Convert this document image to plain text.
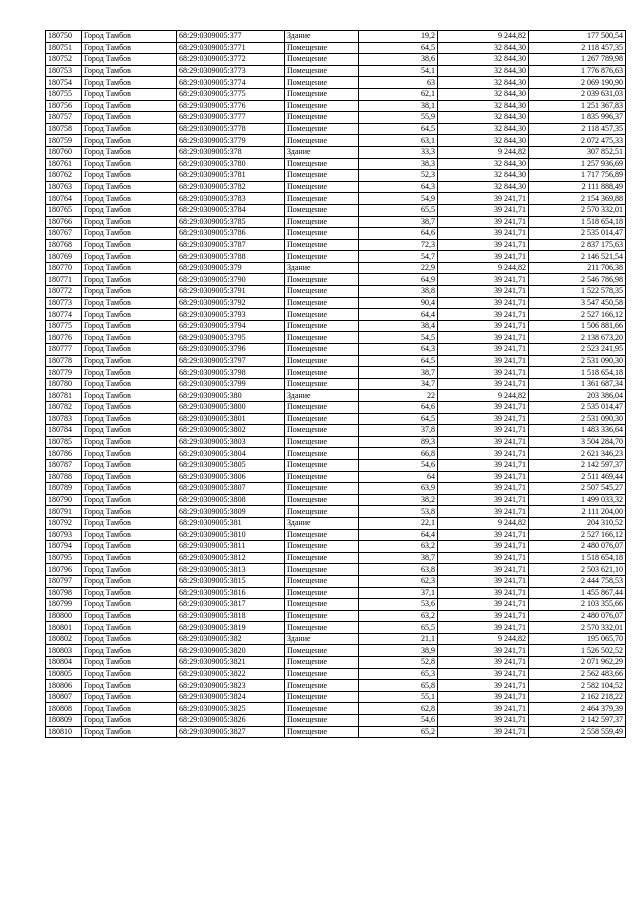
180750	Город Тамбов	68:29:0309005:377	Здание	19,2	9 244,82	177 500,54
180751	Город Тамбов	68:29:0309005:3771	Помещение	64,5	32 844,30	2 118 457,35
180752	Город Тамбов	68:29:0309005:3772	Помещение	38,6	32 844,30	1 267 789,98
180753	Город Тамбов	68:29:0309005:3773	Помещение	54,1	32 844,30	1 776 876,63
180754	Город Тамбов	68:29:0309005:3774	Помещение	63	32 844,30	2 069 190,90
180755	Город Тамбов	68:29:0309005:3775	Помещение	62,1	32 844,30	2 039 631,03
180756	Город Тамбов	68:29:0309005:3776	Помещение	38,1	32 844,30	1 251 367,83
180757	Город Тамбов	68:29:0309005:3777	Помещение	55,9	32 844,30	1 835 996,37
180758	Город Тамбов	68:29:0309005:3778	Помещение	64,5	32 844,30	2 118 457,35
180759	Город Тамбов	68:29:0309005:3779	Помещение	63,1	32 844,30	2 072 475,33
180760	Город Тамбов	68:29:0309005:378	Здание	33,3	9 244,82	307 852,51
180761	Город Тамбов	68:29:0309005:3780	Помещение	38,3	32 844,30	1 257 936,69
180762	Город Тамбов	68:29:0309005:3781	Помещение	52,3	32 844,30	1 717 756,89
180763	Город Тамбов	68:29:0309005:3782	Помещение	64,3	32 844,30	2 111 888,49
180764	Город Тамбов	68:29:0309005:3783	Помещение	54,9	39 241,71	2 154 369,88
180765	Город Тамбов	68:29:0309005:3784	Помещение	65,5	39 241,71	2 570 332,01
180766	Город Тамбов	68:29:0309005:3785	Помещение	38,7	39 241,71	1 518 654,18
180767	Город Тамбов	68:29:0309005:3786	Помещение	64,6	39 241,71	2 535 014,47
180768	Город Тамбов	68:29:0309005:3787	Помещение	72,3	39 241,71	2 837 175,63
180769	Город Тамбов	68:29:0309005:3788	Помещение	54,7	39 241,71	2 146 521,54
180770	Город Тамбов	68:29:0309005:379	Здание	22,9	9 244,82	211 706,38
180771	Город Тамбов	68:29:0309005:3790	Помещение	64,9	39 241,71	2 546 786,98
180772	Город Тамбов	68:29:0309005:3791	Помещение	38,8	39 241,71	1 522 578,35
180773	Город Тамбов	68:29:0309005:3792	Помещение	90,4	39 241,71	3 547 450,58
180774	Город Тамбов	68:29:0309005:3793	Помещение	64,4	39 241,71	2 527 166,12
180775	Город Тамбов	68:29:0309005:3794	Помещение	38,4	39 241,71	1 506 881,66
180776	Город Тамбов	68:29:0309005:3795	Помещение	54,5	39 241,71	2 138 673,20
180777	Город Тамбов	68:29:0309005:3796	Помещение	64,3	39 241,71	2 523 241,95
180778	Город Тамбов	68:29:0309005:3797	Помещение	64,5	39 241,71	2 531 090,30
180779	Город Тамбов	68:29:0309005:3798	Помещение	38,7	39 241,71	1 518 654,18
180780	Город Тамбов	68:29:0309005:3799	Помещение	34,7	39 241,71	1 361 687,34
180781	Город Тамбов	68:29:0309005:380	Здание	22	9 244,82	203 386,04
180782	Город Тамбов	68:29:0309005:3800	Помещение	64,6	39 241,71	2 535 014,47
180783	Город Тамбов	68:29:0309005:3801	Помещение	64,5	39 241,71	2 531 090,30
180784	Город Тамбов	68:29:0309005:3802	Помещение	37,8	39 241,71	1 483 336,64
180785	Город Тамбов	68:29:0309005:3803	Помещение	89,3	39 241,71	3 504 284,70
180786	Город Тамбов	68:29:0309005:3804	Помещение	66,8	39 241,71	2 621 346,23
180787	Город Тамбов	68:29:0309005:3805	Помещение	54,6	39 241,71	2 142 597,37
180788	Город Тамбов	68:29:0309005:3806	Помещение	64	39 241,71	2 511 469,44
180789	Город Тамбов	68:29:0309005:3807	Помещение	63,9	39 241,71	2 507 545,27
180790	Город Тамбов	68:29:0309005:3808	Помещение	38,2	39 241,71	1 499 033,32
180791	Город Тамбов	68:29:0309005:3809	Помещение	53,8	39 241,71	2 111 204,00
180792	Город Тамбов	68:29:0309005:381	Здание	22,1	9 244,82	204 310,52
180793	Город Тамбов	68:29:0309005:3810	Помещение	64,4	39 241,71	2 527 166,12
180794	Город Тамбов	68:29:0309005:3811	Помещение	63,2	39 241,71	2 480 076,07
180795	Город Тамбов	68:29:0309005:3812	Помещение	38,7	39 241,71	1 518 654,18
180796	Город Тамбов	68:29:0309005:3813	Помещение	63,8	39 241,71	2 503 621,10
180797	Город Тамбов	68:29:0309005:3815	Помещение	62,3	39 241,71	2 444 758,53
180798	Город Тамбов	68:29:0309005:3816	Помещение	37,1	39 241,71	1 455 867,44
180799	Город Тамбов	68:29:0309005:3817	Помещение	53,6	39 241,71	2 103 355,66
180800	Город Тамбов	68:29:0309005:3818	Помещение	63,2	39 241,71	2 480 076,07
180801	Город Тамбов	68:29:0309005:3819	Помещение	65,5	39 241,71	2 570 332,01
180802	Город Тамбов	68:29:0309005:382	Здание	21,1	9 244,82	195 065,70
180803	Город Тамбов	68:29:0309005:3820	Помещение	38,9	39 241,71	1 526 502,52
180804	Город Тамбов	68:29:0309005:3821	Помещение	52,8	39 241,71	2 071 962,29
180805	Город Тамбов	68:29:0309005:3822	Помещение	65,3	39 241,71	2 562 483,66
180806	Город Тамбов	68:29:0309005:3823	Помещение	65,8	39 241,71	2 582 104,52
180807	Город Тамбов	68:29:0309005:3824	Помещение	55,1	39 241,71	2 162 218,22
180808	Город Тамбов	68:29:0309005:3825	Помещение	62,8	39 241,71	2 464 379,39
180809	Город Тамбов	68:29:0309005:3826	Помещение	54,6	39 241,71	2 142 597,37
180810	Город Тамбов	68:29:0309005:3827	Помещение	65,2	39 241,71	2 558 559,49
